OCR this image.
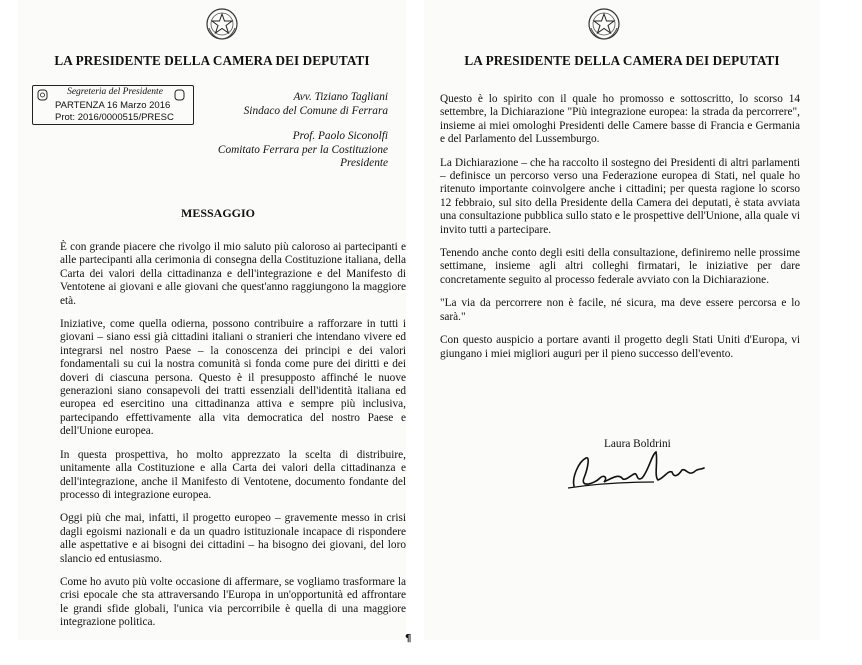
LA PRESIDENTE DELLA CAMERA DEI DEPUTATI
Segreteria del Presidente
PARTENZA 16 Marzo 2016
Prot: 2016/0000515/PRESC
Avv. Tiziano Tagliani
Sindaco del Comune di Ferrara
Prof. Paolo Siconolfi
Comitato Ferrara per la Costituzione
Presidente

MESSAGGIO

È con grande piacere che rivolgo il mio saluto più caloroso ai partecipanti e alle partecipanti alla cerimonia di consegna della Costituzione italiana, della Carta dei valori della cittadinanza e dell'integrazione e del Manifesto di Ventotene ai giovani e alle giovani che quest'anno raggiungono la maggiore età.

Iniziative, come quella odierna, possono contribuire a rafforzare in tutti i giovani – siano essi già cittadini italiani o stranieri che intendano vivere ed integrarsi nel nostro Paese – la conoscenza dei principi e dei valori fondamentali su cui la nostra comunità si fonda come pure dei diritti e dei doveri di ciascuna persona. Questo è il presupposto affinché le nuove generazioni siano consapevoli dei tratti essenziali dell'identità italiana ed europea ed esercitino una cittadinanza attiva e sempre più inclusiva, partecipando effettivamente alla vita democratica del nostro Paese e dell'Unione europea.

In questa prospettiva, ho molto apprezzato la scelta di distribuire, unitamente alla Costituzione e alla Carta dei valori della cittadinanza e dell'integrazione, anche il Manifesto di Ventotene, documento fondante del processo di integrazione europea.

Oggi più che mai, infatti, il progetto europeo – gravemente messo in crisi dagli egoismi nazionali e da un quadro istituzionale incapace di rispondere alle aspettative e ai bisogni dei cittadini – ha bisogno dei giovani, del loro slancio ed entusiasmo.

Come ho avuto più volte occasione di affermare, se vogliamo trasformare la crisi epocale che sta attraversando l'Europa in un'opportunità ed affrontare le grandi sfide globali, l'unica via percorribile è quella di una maggiore integrazione politica.

LA PRESIDENTE DELLA CAMERA DEI DEPUTATI

Questo è lo spirito con il quale ho promosso e sottoscritto, lo scorso 14 settembre, la Dichiarazione "Più integrazione europea: la strada da percorrere", insieme ai miei omologhi Presidenti delle Camere basse di Francia e Germania e del Parlamento del Lussemburgo.

La Dichiarazione – che ha raccolto il sostegno dei Presidenti di altri parlamenti – definisce un percorso verso una Federazione europea di Stati, nel quale ho ritenuto importante coinvolgere anche i cittadini; per questa ragione lo scorso 12 febbraio, sul sito della Presidente della Camera dei deputati, è stata avviata una consultazione pubblica sullo stato e le prospettive dell'Unione, alla quale vi invito tutti a partecipare.

Tenendo anche conto degli esiti della consultazione, definiremo nelle prossime settimane, insieme agli altri colleghi firmatari, le iniziative per dare concretamente seguito al processo federale avviato con la Dichiarazione.

"La via da percorrere non è facile, né sicura, ma deve essere percorsa e lo sarà."

Con questo auspicio a portare avanti il progetto degli Stati Uniti d'Europa, vi giungano i miei migliori auguri per il pieno successo dell'evento.

Laura Boldrini
¶
